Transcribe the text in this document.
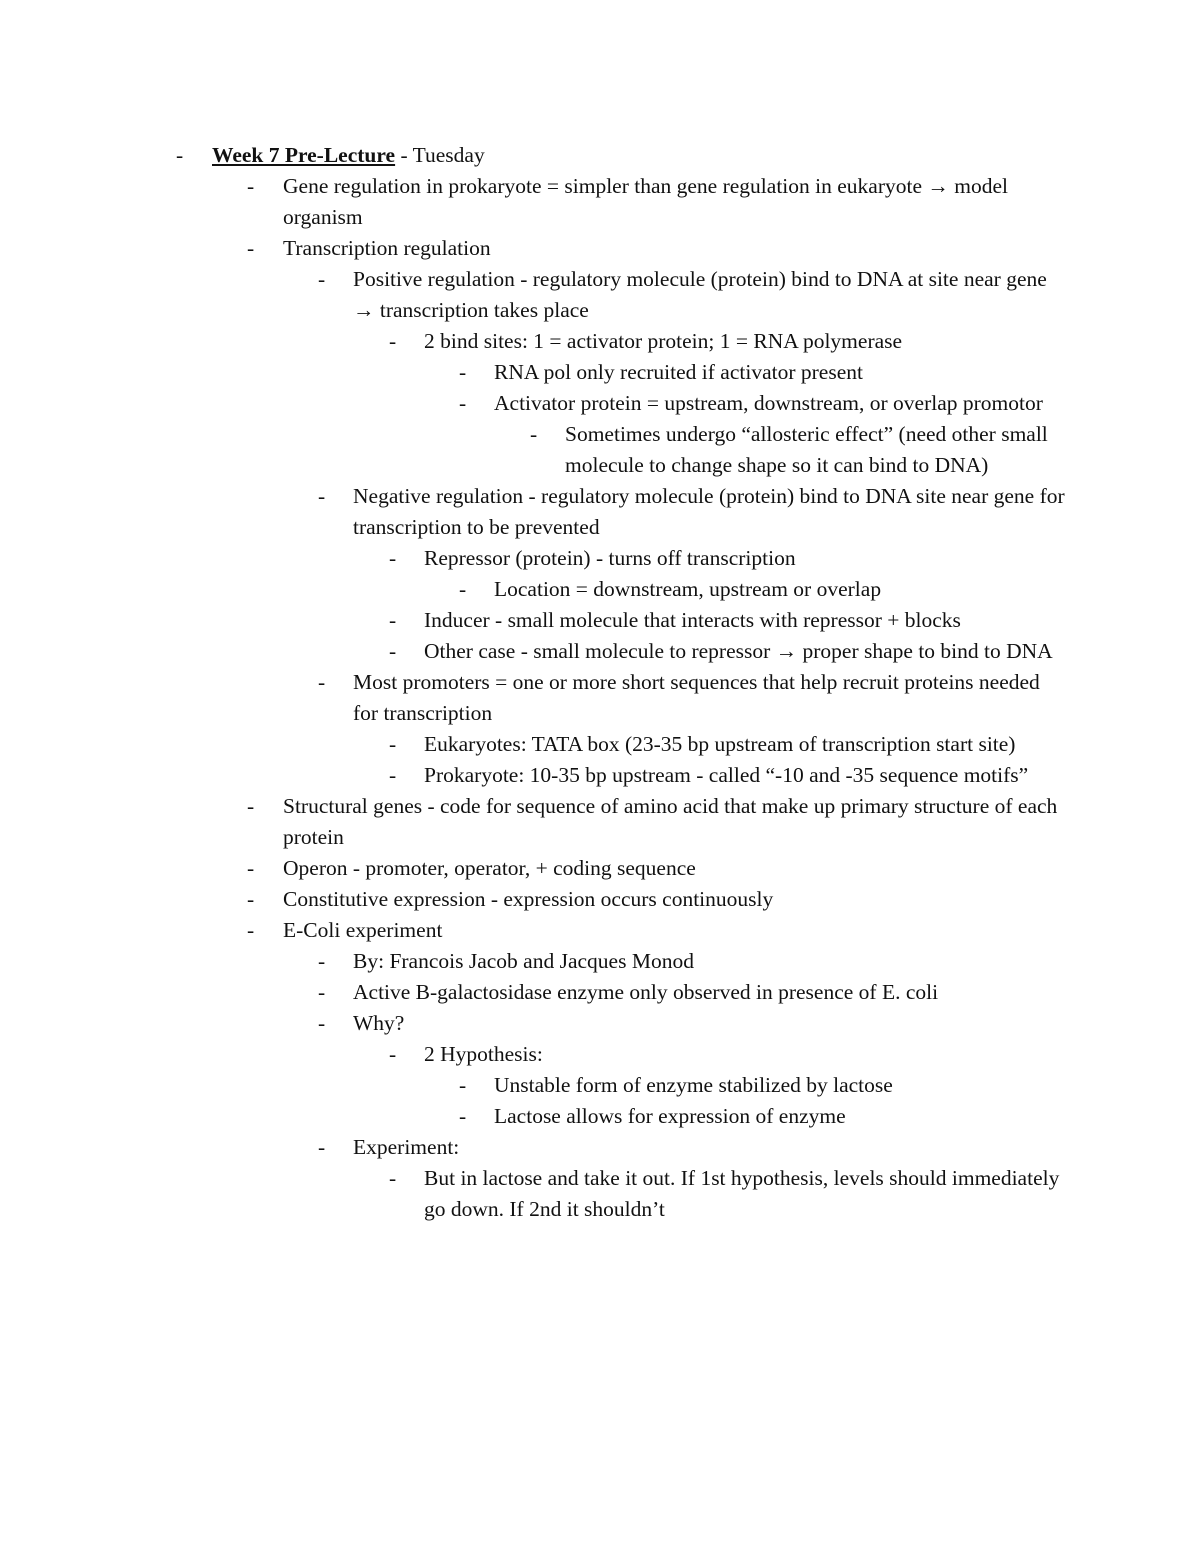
- Week 7 Pre-Lecture - Tuesday
- Gene regulation in prokaryote = simpler than gene regulation in eukaryote → model organism
- Transcription regulation
- Positive regulation - regulatory molecule (protein) bind to DNA at site near gene → transcription takes place
- 2 bind sites: 1 = activator protein; 1 = RNA polymerase
- RNA pol only recruited if activator present
- Activator protein = upstream, downstream, or overlap promotor
- Sometimes undergo “allosteric effect” (need other small molecule to change shape so it can bind to DNA)
- Negative regulation - regulatory molecule (protein) bind to DNA site near gene for transcription to be prevented
- Repressor (protein) - turns off transcription
- Location = downstream, upstream or overlap
- Inducer - small molecule that interacts with repressor + blocks
- Other case - small molecule to repressor → proper shape to bind to DNA
- Most promoters = one or more short sequences that help recruit proteins needed for transcription
- Eukaryotes: TATA box (23-35 bp upstream of transcription start site)
- Prokaryote: 10-35 bp upstream - called “-10 and -35 sequence motifs”
- Structural genes - code for sequence of amino acid that make up primary structure of each protein
- Operon - promoter, operator, + coding sequence
- Constitutive expression - expression occurs continuously
- E-Coli experiment
- By: Francois Jacob and Jacques Monod
- Active B-galactosidase enzyme only observed in presence of E. coli
- Why?
- 2 Hypothesis:
- Unstable form of enzyme stabilized by lactose
- Lactose allows for expression of enzyme
- Experiment:
- But in lactose and take it out. If 1st hypothesis, levels should immediately go down. If 2nd it shouldn’t
